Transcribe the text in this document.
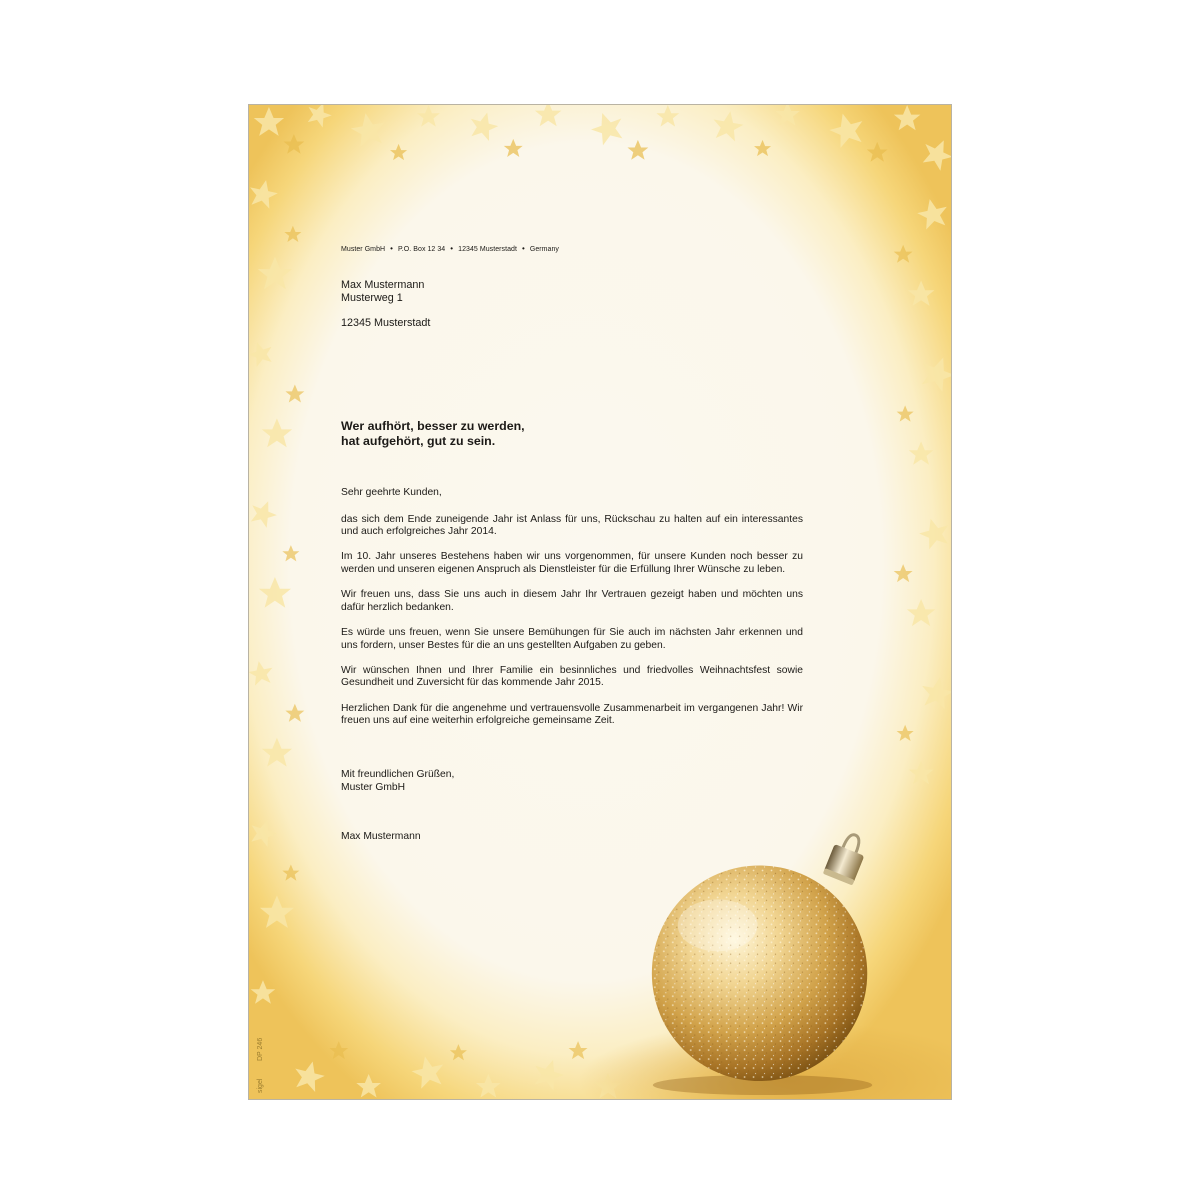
Muster GmbH • P.O. Box 12 34 • 12345 Musterstadt • Germany
Max Mustermann
Musterweg 1
12345 Musterstadt
Wer aufhört, besser zu werden,
hat aufgehört, gut zu sein.

Sehr geehrte Kunden,

das sich dem Ende zuneigende Jahr ist Anlass für uns, Rückschau zu halten auf ein interessantes und auch erfolgreiches Jahr 2014.

Im 10. Jahr unseres Bestehens haben wir uns vorgenommen, für unsere Kunden noch besser zu werden und unseren eigenen Anspruch als Dienstleister für die Erfüllung Ihrer Wünsche zu leben.

Wir freuen uns, dass Sie uns auch in diesem Jahr Ihr Vertrauen gezeigt haben und möchten uns dafür herzlich bedanken.

Es würde uns freuen, wenn Sie unsere Bemühungen für Sie auch im nächsten Jahr erkennen und uns fordern, unser Bestes für die an uns gestellten Aufgaben zu geben.

Wir wünschen Ihnen und Ihrer Familie ein besinnliches und friedvolles Weihnachtsfest sowie Gesundheit und Zuversicht für das kommende Jahr 2015.

Herzlichen Dank für die angenehme und vertrauensvolle Zusammenarbeit im vergangenen Jahr! Wir freuen uns auf eine weiterhin erfolgreiche gemeinsame Zeit.

Mit freundlichen Grüßen,
Muster GmbH
Max Mustermann
sigel
DP 246
